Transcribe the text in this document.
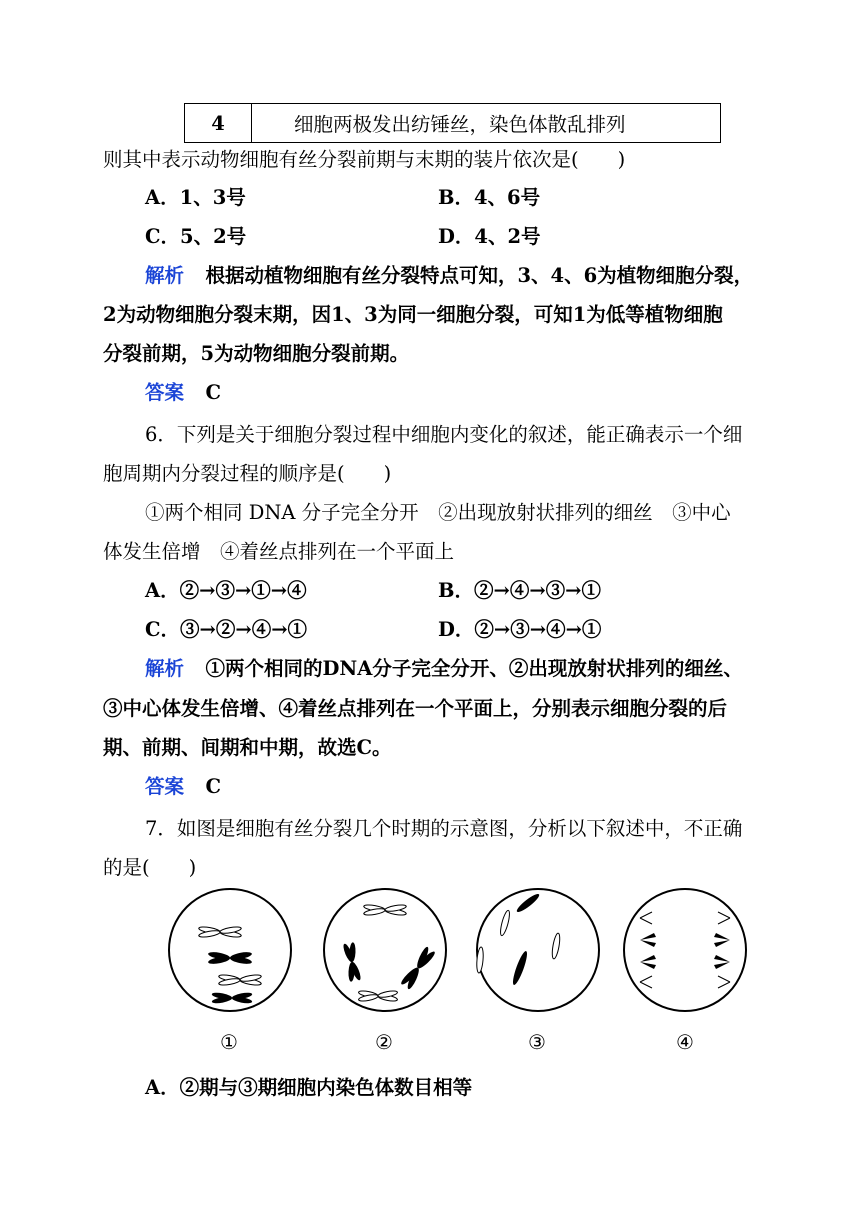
4	细胞两极发出纺锤丝，染色体散乱排列
则其中表示动物细胞有丝分裂前期与末期的装片依次是(　　)
A．1、3号	B．4、6号
C．5、2号	D．4、2号
解析 根据动植物细胞有丝分裂特点可知，3、4、6为植物细胞分裂，
2为动物细胞分裂末期，因1、3为同一细胞分裂，可知1为低等植物细胞
分裂前期，5为动物细胞分裂前期。
答案 C
6．下列是关于细胞分裂过程中细胞内变化的叙述，能正确表示一个细
胞周期内分裂过程的顺序是(　　)
①两个相同 DNA 分子完全分开　②出现放射状排列的细丝　③中心
体发生倍增　④着丝点排列在一个平面上
A．②→③→①→④	B．②→④→③→①
C．③→②→④→①	D．②→③→④→①
解析 ①两个相同的DNA分子完全分开、②出现放射状排列的细丝、
③中心体发生倍增、④着丝点排列在一个平面上，分别表示细胞分裂的后
期、前期、间期和中期，故选C。
答案 C
7．如图是细胞有丝分裂几个时期的示意图，分析以下叙述中，不正确
的是(　　)
①	②	③	④
A．②期与③期细胞内染色体数目相等
